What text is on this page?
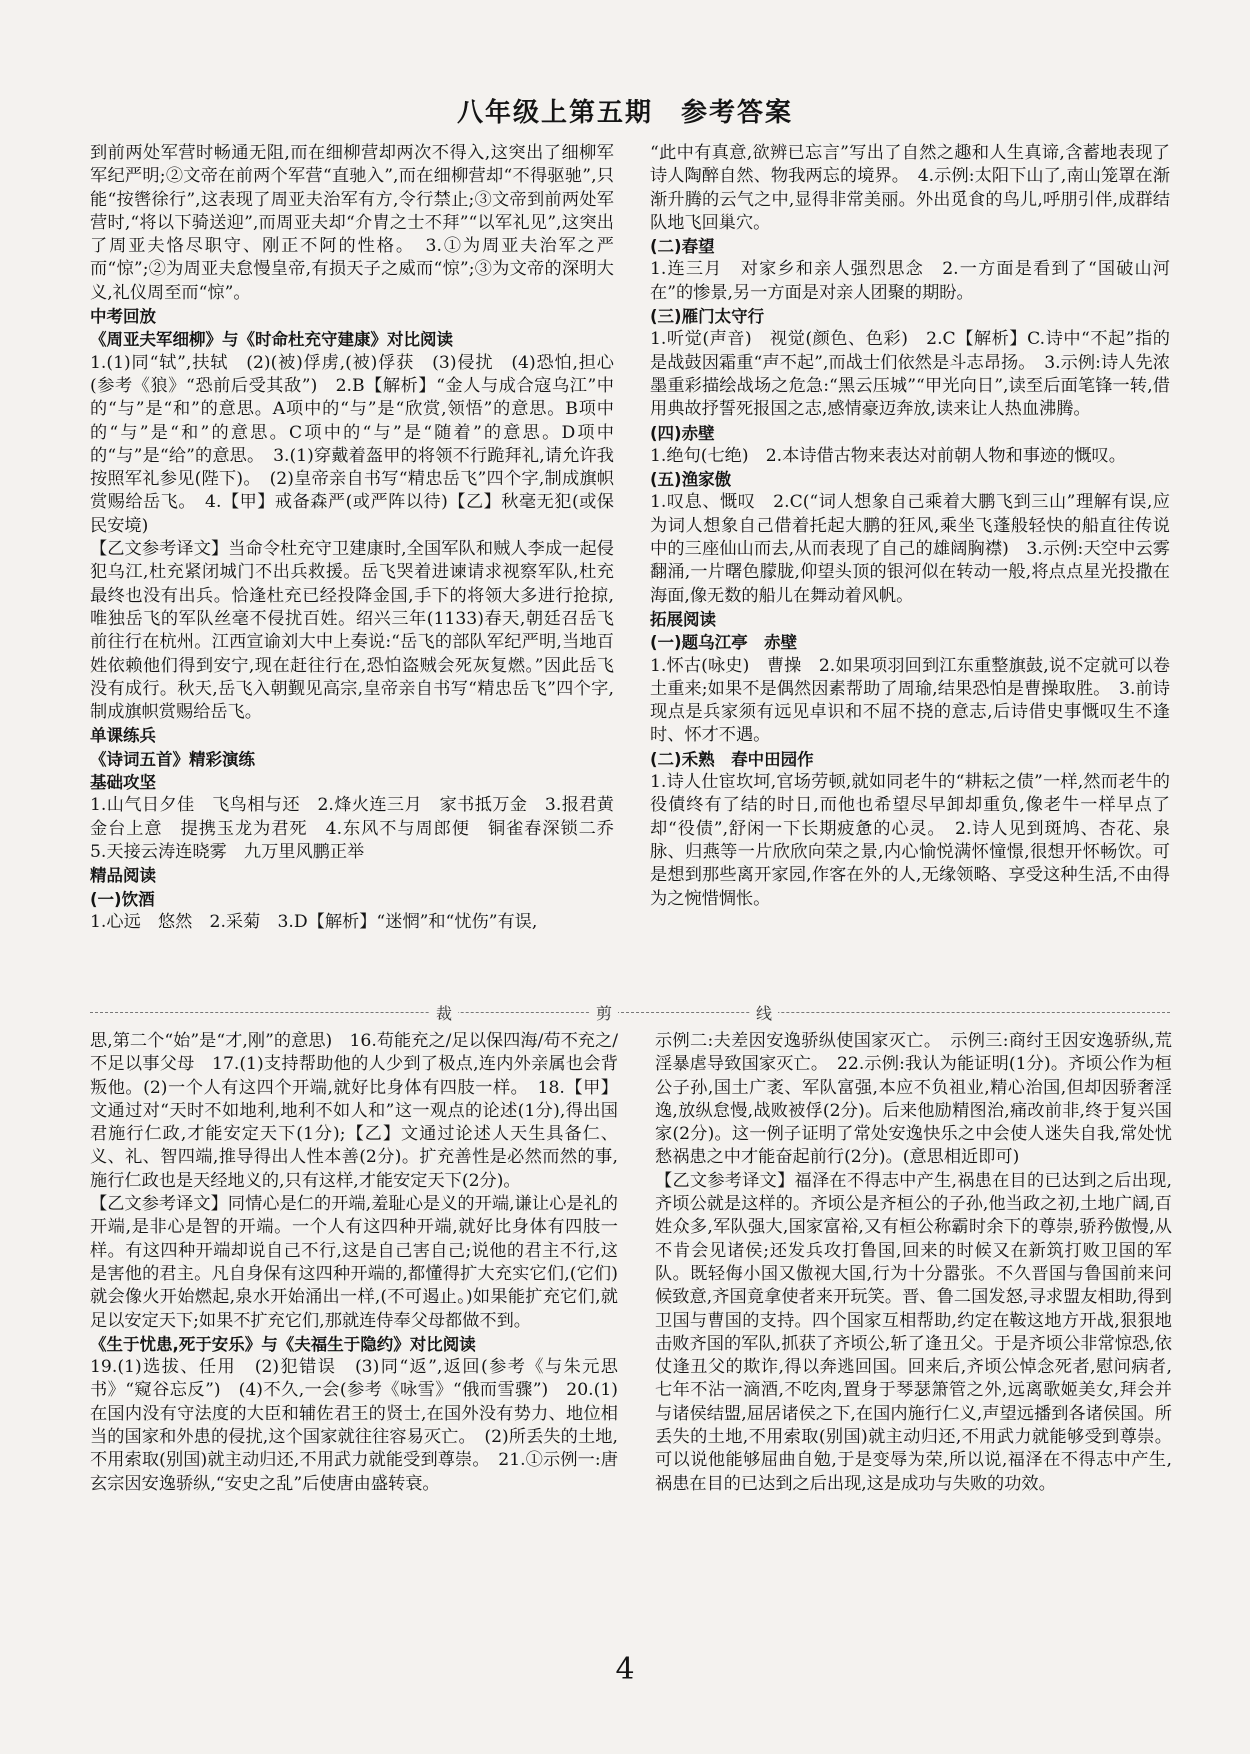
八年级上第五期　参考答案

到前两处军营时畅通无阻,而在细柳营却两次不得入,这突出了细柳军军纪严明;②文帝在前两个军营“直驰入”,而在细柳营却“不得驱驰”,只能“按辔徐行”,这表现了周亚夫治军有方,令行禁止;③文帝到前两处军营时,“将以下骑送迎”,而周亚夫却“介胄之士不拜”“以军礼见”,这突出了周亚夫恪尽职守、刚正不阿的性格。　3.①为周亚夫治军之严而“惊”;②为周亚夫怠慢皇帝,有损天子之威而“惊”;③为文帝的深明大义,礼仪周至而“惊”。

中考回放

《周亚夫军细柳》与《时命杜充守建康》对比阅读

1.(1)同“轼”,扶轼　(2)(被)俘虏,(被)俘获　(3)侵扰　(4)恐怕,担心(参考《狼》“恐前后受其敌”)　2.B【解析】“金人与成合寇乌江”中的“与”是“和”的意思。A项中的“与”是“欣赏,领悟”的意思。B项中的“与”是“和”的意思。C项中的“与”是“随着”的意思。D项中的“与”是“给”的意思。　3.(1)穿戴着盔甲的将领不行跪拜礼,请允许我按照军礼参见(陛下)。　(2)皇帝亲自书写“精忠岳飞”四个字,制成旗帜赏赐给岳飞。　4.【甲】戒备森严(或严阵以待)【乙】秋毫无犯(或保民安境)

【乙文参考译文】当命令杜充守卫建康时,全国军队和贼人李成一起侵犯乌江,杜充紧闭城门不出兵救援。岳飞哭着进谏请求视察军队,杜充最终也没有出兵。恰逢杜充已经投降金国,手下的将领大多进行抢掠,唯独岳飞的军队丝毫不侵扰百姓。绍兴三年(1133)春天,朝廷召岳飞前往行在杭州。江西宣谕刘大中上奏说:“岳飞的部队军纪严明,当地百姓依赖他们得到安宁,现在赶往行在,恐怕盗贼会死灰复燃。”因此岳飞没有成行。秋天,岳飞入朝觐见高宗,皇帝亲自书写“精忠岳飞”四个字,制成旗帜赏赐给岳飞。

单课练兵

《诗词五首》精彩演练

基础攻坚

1.山气日夕佳　飞鸟相与还　2.烽火连三月　家书抵万金　3.报君黄金台上意　提携玉龙为君死　4.东风不与周郎便　铜雀春深锁二乔　5.天接云涛连晓雾　九万里风鹏正举

精品阅读

(一)饮酒

1.心远　悠然　2.采菊　3.D【解析】“迷惘”和“忧伤”有误,

“此中有真意,欲辨已忘言”写出了自然之趣和人生真谛,含蓄地表现了诗人陶醉自然、物我两忘的境界。　4.示例:太阳下山了,南山笼罩在渐渐升腾的云气之中,显得非常美丽。外出觅食的鸟儿,呼朋引伴,成群结队地飞回巢穴。

(二)春望

1.连三月　对家乡和亲人强烈思念　2.一方面是看到了“国破山河在”的惨景,另一方面是对亲人团聚的期盼。

(三)雁门太守行

1.听觉(声音)　视觉(颜色、色彩)　2.C【解析】C.诗中“不起”指的是战鼓因霜重“声不起”,而战士们依然是斗志昂扬。　3.示例:诗人先浓墨重彩描绘战场之危急:“黑云压城”“甲光向日”,读至后面笔锋一转,借用典故抒誓死报国之志,感情豪迈奔放,读来让人热血沸腾。

(四)赤壁

1.绝句(七绝)　2.本诗借古物来表达对前朝人物和事迹的慨叹。

(五)渔家傲

1.叹息、慨叹　2.C(“词人想象自己乘着大鹏飞到三山”理解有误,应为词人想象自己借着托起大鹏的狂风,乘坐飞蓬般轻快的船直往传说中的三座仙山而去,从而表现了自己的雄阔胸襟)　3.示例:天空中云雾翻涌,一片曙色朦胧,仰望头顶的银河似在转动一般,将点点星光投撒在海面,像无数的船儿在舞动着风帆。

拓展阅读

(一)题乌江亭　赤壁

1.怀古(咏史)　曹操　2.如果项羽回到江东重整旗鼓,说不定就可以卷土重来;如果不是偶然因素帮助了周瑜,结果恐怕是曹操取胜。　3.前诗现点是兵家须有远见卓识和不屈不挠的意志,后诗借史事慨叹生不逢时、怀才不遇。

(二)禾熟　春中田园作

1.诗人仕宦坎坷,官场劳顿,就如同老牛的“耕耘之债”一样,然而老牛的役債终有了结的时日,而他也希望尽早卸却重负,像老牛一样早点了却“役债”,舒闲一下长期疲惫的心灵。　2.诗人见到斑鸠、杏花、泉脉、归燕等一片欣欣向荣之景,内心愉悦满怀憧憬,很想开怀畅饮。可是想到那些离开家园,作客在外的人,无缘领略、享受这种生活,不由得为之惋惜惆怅。

裁	剪	线

思,第二个“始”是“才,刚”的意思)　16.苟能充之/足以保四海/苟不充之/不足以事父母　17.(1)支持帮助他的人少到了极点,连内外亲属也会背叛他。(2)一个人有这四个开端,就好比身体有四肢一样。　18.【甲】文通过对“天时不如地利,地利不如人和”这一观点的论述(1分),得出国君施行仁政,才能安定天下(1分);【乙】文通过论述人天生具备仁、义、礼、智四端,推导得出人性本善(2分)。扩充善性是必然而然的事,施行仁政也是天经地义的,只有这样,才能安定天下(2分)。

【乙文参考译文】同情心是仁的开端,羞耻心是义的开端,谦让心是礼的开端,是非心是智的开端。一个人有这四种开端,就好比身体有四肢一样。有这四种开端却说自己不行,这是自己害自己;说他的君主不行,这是害他的君主。凡自身保有这四种开端的,都懂得扩大充实它们,(它们)就会像火开始燃起,泉水开始涌出一样,(不可遏止。)如果能扩充它们,就足以安定天下;如果不扩充它们,那就连侍奉父母都做不到。

《生于忧患,死于安乐》与《夫福生于隐约》对比阅读

19.(1)选拔、任用　(2)犯错误　(3)同“返”,返回(参考《与朱元思书》“窥谷忘反”)　(4)不久,一会(参考《咏雪》“俄而雪骤”)　20.(1)在国内没有守法度的大臣和辅佐君王的贤士,在国外没有势力、地位相当的国家和外患的侵扰,这个国家就往往容易灭亡。　(2)所丢失的土地,不用索取(别国)就主动归还,不用武力就能受到尊崇。　21.①示例一:唐玄宗因安逸骄纵,“安史之乱”后使唐由盛转衰。

示例二:夫差因安逸骄纵使国家灭亡。　示例三:商纣王因安逸骄纵,荒淫暴虐导致国家灭亡。　22.示例:我认为能证明(1分)。齐顷公作为桓公子孙,国土广袤、军队富强,本应不负祖业,精心治国,但却因骄奢淫逸,放纵怠慢,战败被俘(2分)。后来他励精图治,痛改前非,终于复兴国家(2分)。这一例子证明了常处安逸快乐之中会使人迷失自我,常处忧愁祸患之中才能奋起前行(2分)。(意思相近即可)

【乙文参考译文】福泽在不得志中产生,祸患在目的已达到之后出现,齐顷公就是这样的。齐顷公是齐桓公的子孙,他当政之初,土地广阔,百姓众多,军队强大,国家富裕,又有桓公称霸时余下的尊崇,骄矜傲慢,从不肯会见诸侯;还发兵攻打鲁国,回来的时候又在新筑打败卫国的军队。既轻侮小国又傲视大国,行为十分嚣张。不久晋国与鲁国前来问候致意,齐国竟拿使者来开玩笑。晋、鲁二国发怒,寻求盟友相助,得到卫国与曹国的支持。四个国家互相帮助,约定在鞍这地方开战,狠狠地击败齐国的军队,抓获了齐顷公,斩了逢丑父。于是齐顷公非常惊恐,依仗逢丑父的欺诈,得以奔逃回国。回来后,齐顷公悼念死者,慰问病者,七年不沾一滴酒,不吃肉,置身于琴瑟箫管之外,远离歌姬美女,拜会并与诸侯结盟,屈居诸侯之下,在国内施行仁义,声望远播到各诸侯国。所丢失的土地,不用索取(别国)就主动归还,不用武力就能够受到尊崇。可以说他能够屈曲自勉,于是变辱为荣,所以说,福泽在不得志中产生,祸患在目的已达到之后出现,这是成功与失败的功效。

4
